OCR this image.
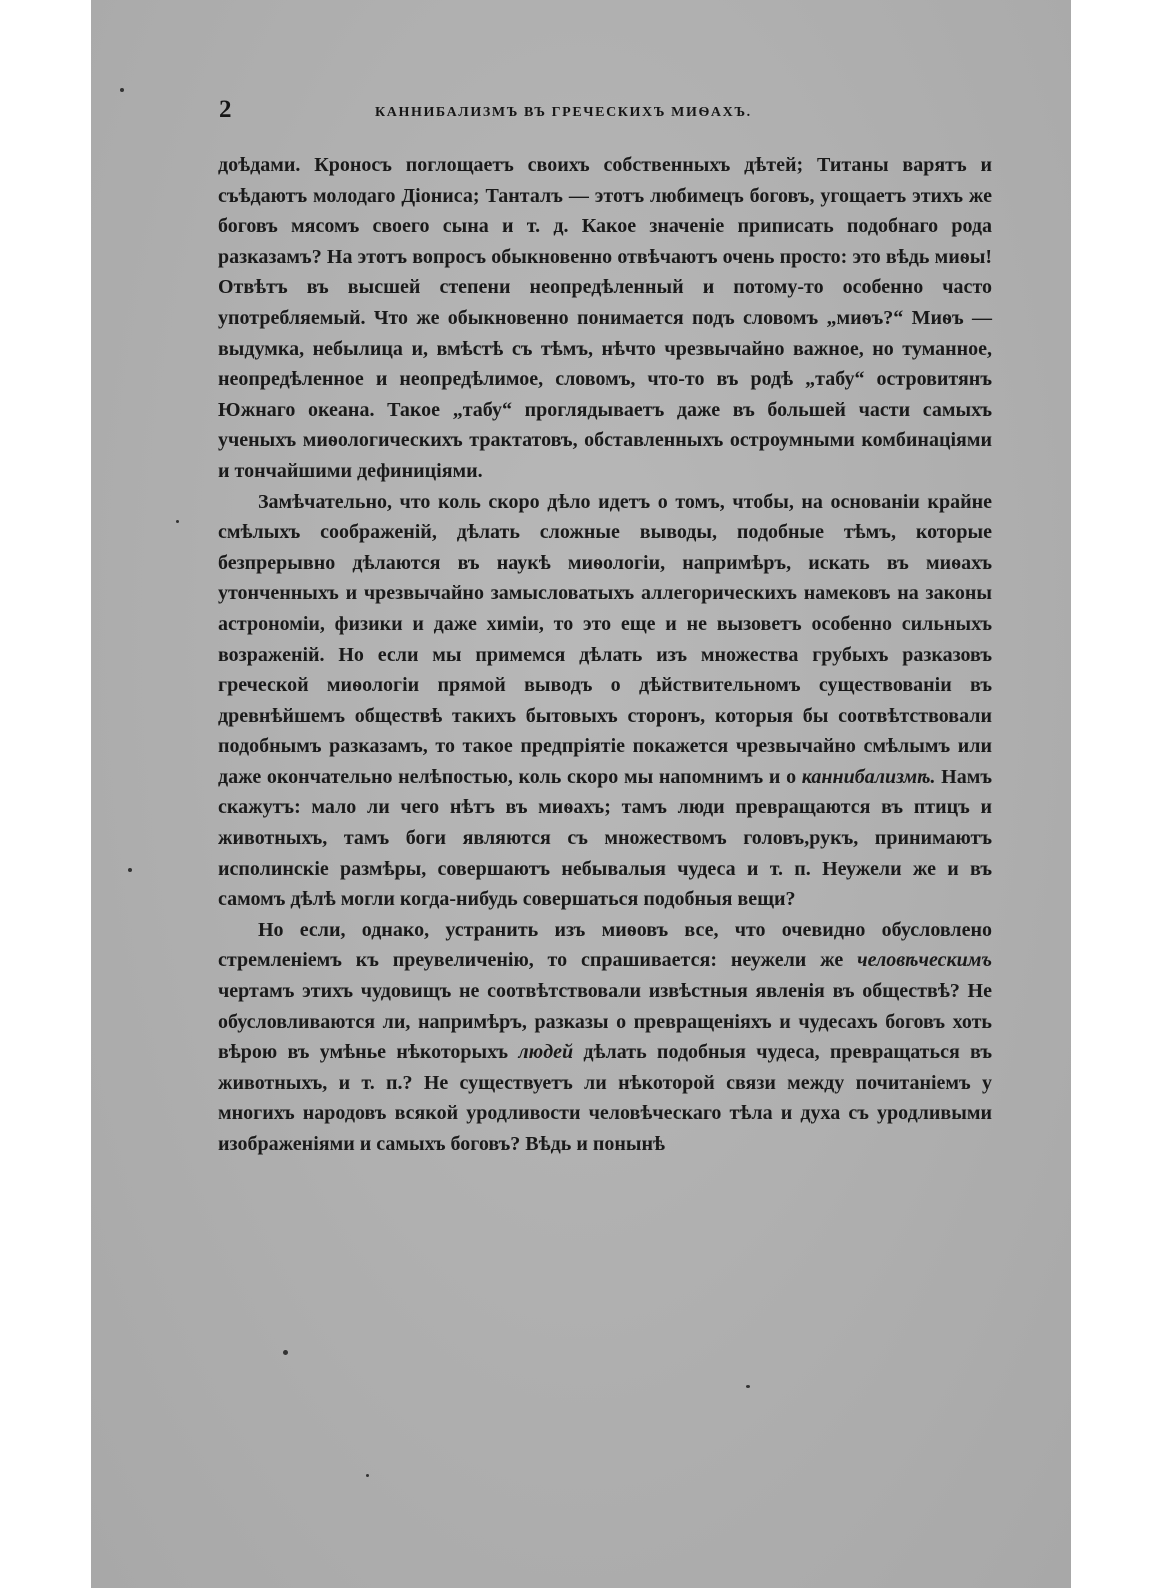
2	КАННИБАЛИЗМЪ ВЪ ГРЕЧЕСКИХЪ МИѲАХЪ.

доѣдами. Кроносъ поглощаетъ своихъ собственныхъ дѣтей; Титаны варятъ и съѣдаютъ молодаго Діониса; Танталъ — этотъ любимецъ боговъ, угощаетъ этихъ же боговъ мясомъ своего сына и т. д. Какое значеніе приписать подобнаго рода разказамъ? На этотъ вопросъ обыкновенно отвѣчаютъ очень просто: это вѣдь миѳы! Отвѣтъ въ высшей степени неопредѣленный и потому-то особенно часто употребляемый. Что же обыкновенно понимается подъ словомъ „миѳъ?“ Миѳъ — выдумка, небылица и, вмѣстѣ съ тѣмъ, нѣчто чрезвычайно важное, но туманное, неопредѣленное и неопредѣлимое, словомъ, что-то въ родѣ „табу“ островитянъ Южнаго океана. Такое „табу“ проглядываетъ даже въ большей части самыхъ ученыхъ миѳологическихъ трактатовъ, обставленныхъ остроумными комбинаціями и тончайшими дефиниціями.

Замѣчательно, что коль скоро дѣло идетъ о томъ, чтобы, на основаніи крайне смѣлыхъ соображеній, дѣлать сложные выводы, подобные тѣмъ, которые безпрерывно дѣлаются въ наукѣ миѳологіи, напримѣръ, искать въ миѳахъ утонченныхъ и чрезвычайно замысловатыхъ аллегорическихъ намековъ на законы астрономіи, физики и даже химіи, то это еще и не вызоветъ особенно сильныхъ возраженій. Но если мы примемся дѣлать изъ множества грубыхъ разказовъ греческой миѳологіи прямой выводъ о дѣйствительномъ существованіи въ древнѣйшемъ обществѣ такихъ бытовыхъ сторонъ, которыя бы соотвѣтствовали подобнымъ разказамъ, то такое предпріятіе покажется чрезвычайно смѣлымъ или даже окончательно нелѣпостью, коль скоро мы напомнимъ и о каннибализмѣ. Намъ скажутъ: мало ли чего нѣтъ въ миѳахъ; тамъ люди превращаются въ птицъ и животныхъ, тамъ боги являются съ множествомъ головъ,рукъ, принимаютъ исполинскіе размѣры, совершаютъ небывалыя чудеса и т. п. Неужели же и въ самомъ дѣлѣ могли когда-нибудь совершаться подобныя вещи?

Но если, однако, устранить изъ миѳовъ все, что очевидно обусловлено стремленіемъ къ преувеличенію, то спрашивается: неужели же человѣческимъ чертамъ этихъ чудовищъ не соотвѣтствовали извѣстныя явленія въ обществѣ? Не обусловливаются ли, напримѣръ, разказы о превращеніяхъ и чудесахъ боговъ хоть вѣрою въ умѣнье нѣкоторыхъ людей дѣлать подобныя чудеса, превращаться въ животныхъ, и т. п.? Не существуетъ ли нѣкоторой связи между почитаніемъ у многихъ народовъ всякой уродливости человѣческаго тѣла и духа съ уродливыми изображеніями и самыхъ боговъ? Вѣдь и понынѣ
